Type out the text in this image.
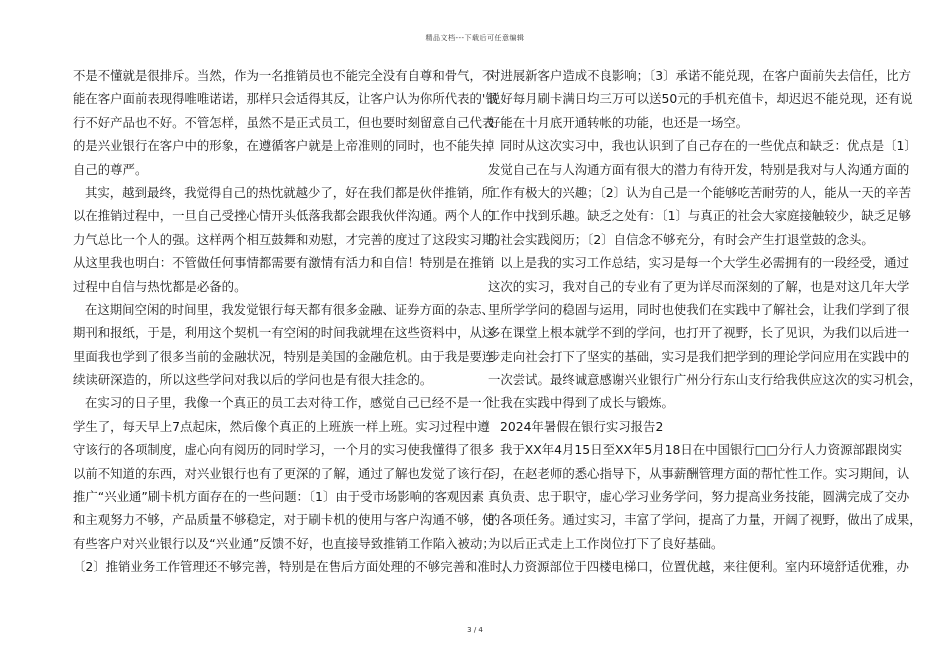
精品文档---下载后可任意编辑
不是不懂就是很排斥。当然，作为一名推销员也不能完全没有自尊和骨气，不
能在客户面前表现得唯唯诺诺，那样只会适得其反，让客户认为你所代表的'银
行不好产品也不好。不管怎样，虽然不是正式员工，但也要时刻留意自己代表
的是兴业银行在客户中的形象，在遵循客户就是上帝准则的同时，也不能失掉
自己的尊严。
其实，越到最终，我觉得自己的热忱就越少了，好在我们都是伙伴推销，所
以在推销过程中，一旦自己受挫心情开头低落我都会跟我伙伴沟通。两个人的
力气总比一个人的强。这样两个相互鼓舞和劝慰，才完善的度过了这段实习期。
从这里我也明白：不管做任何事情都需要有激情有活力和自信！特别是在推销
过程中自信与热忱都是必备的。
在这期间空闲的时间里，我发觉银行每天都有很多金融、证券方面的杂志、
期刊和报纸，于是，利用这个契机一有空闲的时间我就埋在这些资料中，从这
里面我也学到了很多当前的金融状况，特别是美国的金融危机。由于我是要连
续读研深造的，所以这些学问对我以后的学问也是有很大挂念的。
在实习的日子里，我像一个真正的员工去对待工作，感觉自己已经不是一个
学生了，每天早上7点起床，然后像个真正的上班族一样上班。实习过程中遵
守该行的各项制度，虚心向有阅历的同时学习，一个月的实习使我懂得了很多
以前不知道的东西，对兴业银行也有了更深的了解，通过了解也发觉了该行在
推广“兴业通”刷卡机方面存在的一些问题：〔1〕由于受市场影响的客观因素
和主观努力不够，产品质量不够稳定，对于刷卡机的使用与客户沟通不够，使
有些客户对兴业银行以及“兴业通”反馈不好，也直接导致推销工作陷入被动；
〔2〕推销业务工作管理还不够完善，特别是在售后方面处理的不够完善和准时，
对进展新客户造成不良影响；〔3〕承诺不能兑现，在客户面前失去信任，比方
说好每月刷卡满日均三万可以送50元的手机充值卡，却迟迟不能兑现，还有说
好能在十月底开通转帐的功能，也还是一场空。
同时从这次实习中，我也认识到了自己存在的一些优点和缺乏：优点是〔1〕
发觉自己在与人沟通方面有很大的潜力有待开发，特别是我对与人沟通方面的
工作有极大的兴趣；〔2〕认为自己是一个能够吃苦耐劳的人，能从一天的辛苦
工作中找到乐趣。缺乏之处有：〔1〕与真正的社会大家庭接触较少，缺乏足够
的社会实践阅历；〔2〕自信念不够充分，有时会产生打退堂鼓的念头。
以上是我的实习工作总结，实习是每一个大学生必需拥有的一段经受，通过
这次的实习，我对自己的专业有了更为详尽而深刻的了解，也是对这几年大学
里所学学问的稳固与运用，同时也使我们在实践中了解社会，让我们学到了很
多在课堂上根本就学不到的学问，也打开了视野，长了见识，为我们以后进一
步走向社会打下了坚实的基础，实习是我们把学到的理论学问应用在实践中的
一次尝试。最终诚意感谢兴业银行广州分行东山支行给我供应这次的实习机会，
让我在实践中得到了成长与锻炼。
2024年暑假在银行实习报告2
我于XX年4月15日至XX年5月18日在中国银行□□分行人力资源部跟岗实
习，在赵老师的悉心指导下，从事薪酬管理方面的帮忙性工作。实习期间，认
真负责、忠于职守，虚心学习业务学问，努力提高业务技能，圆满完成了交办
的各项任务。通过实习，丰富了学问，提高了力量，开阔了视野，做出了成果，
为以后正式走上工作岗位打下了良好基础。
人力资源部位于四楼电梯口，位置优越，来往便利。室内环境舒适优雅，办
3 / 4
